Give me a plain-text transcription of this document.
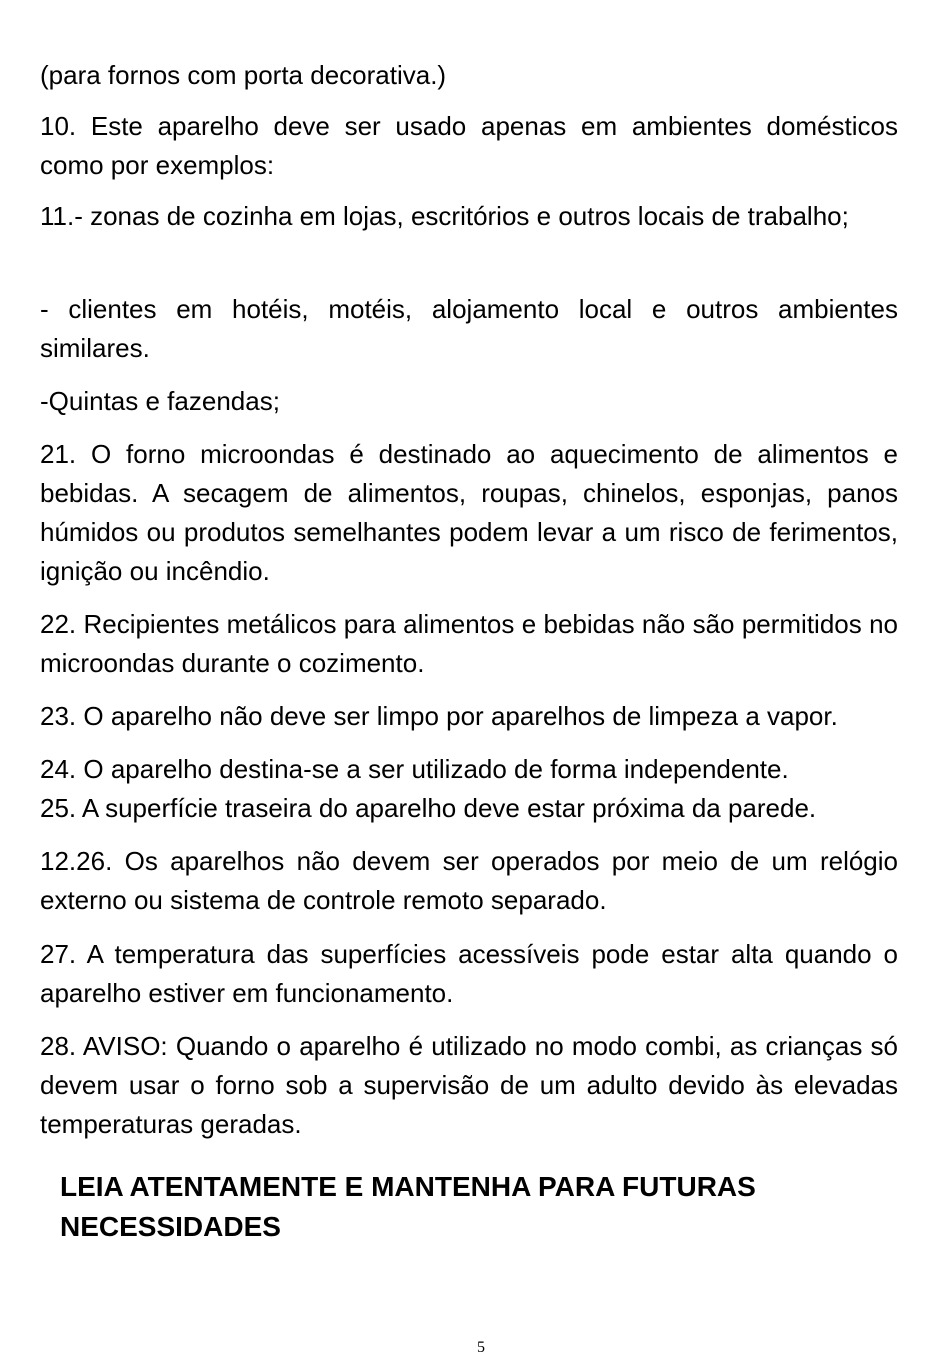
(para fornos com porta decorativa.)

10. Este aparelho deve ser usado apenas em ambientes domésticos como por exemplos:

11.- zonas de cozinha em lojas, escritórios e outros locais de trabalho;

- clientes em hotéis, motéis, alojamento local e outros ambientes similares.

-Quintas e fazendas;

21. O forno microondas é destinado ao aquecimento de alimentos e bebidas. A secagem de alimentos, roupas, chinelos, esponjas, panos húmidos ou produtos semelhantes podem levar a um risco de ferimentos, ignição ou incêndio.

22. Recipientes metálicos para alimentos e bebidas não são permitidos no microondas durante o cozimento.

23. O aparelho não deve ser limpo por aparelhos de limpeza a vapor.

24. O aparelho destina-se a ser utilizado de forma independente.

25. A superfície traseira do aparelho deve estar próxima da parede.

12.26. Os aparelhos não devem ser operados por meio de um relógio externo ou sistema de controle remoto separado.

27. A temperatura das superfícies acessíveis pode estar alta quando o aparelho estiver em funcionamento.

28. AVISO: Quando o aparelho é utilizado no modo combi, as crianças só devem usar o forno sob a supervisão de um adulto devido às elevadas temperaturas geradas.

LEIA ATENTAMENTE E MANTENHA PARA FUTURAS NECESSIDADES
5
